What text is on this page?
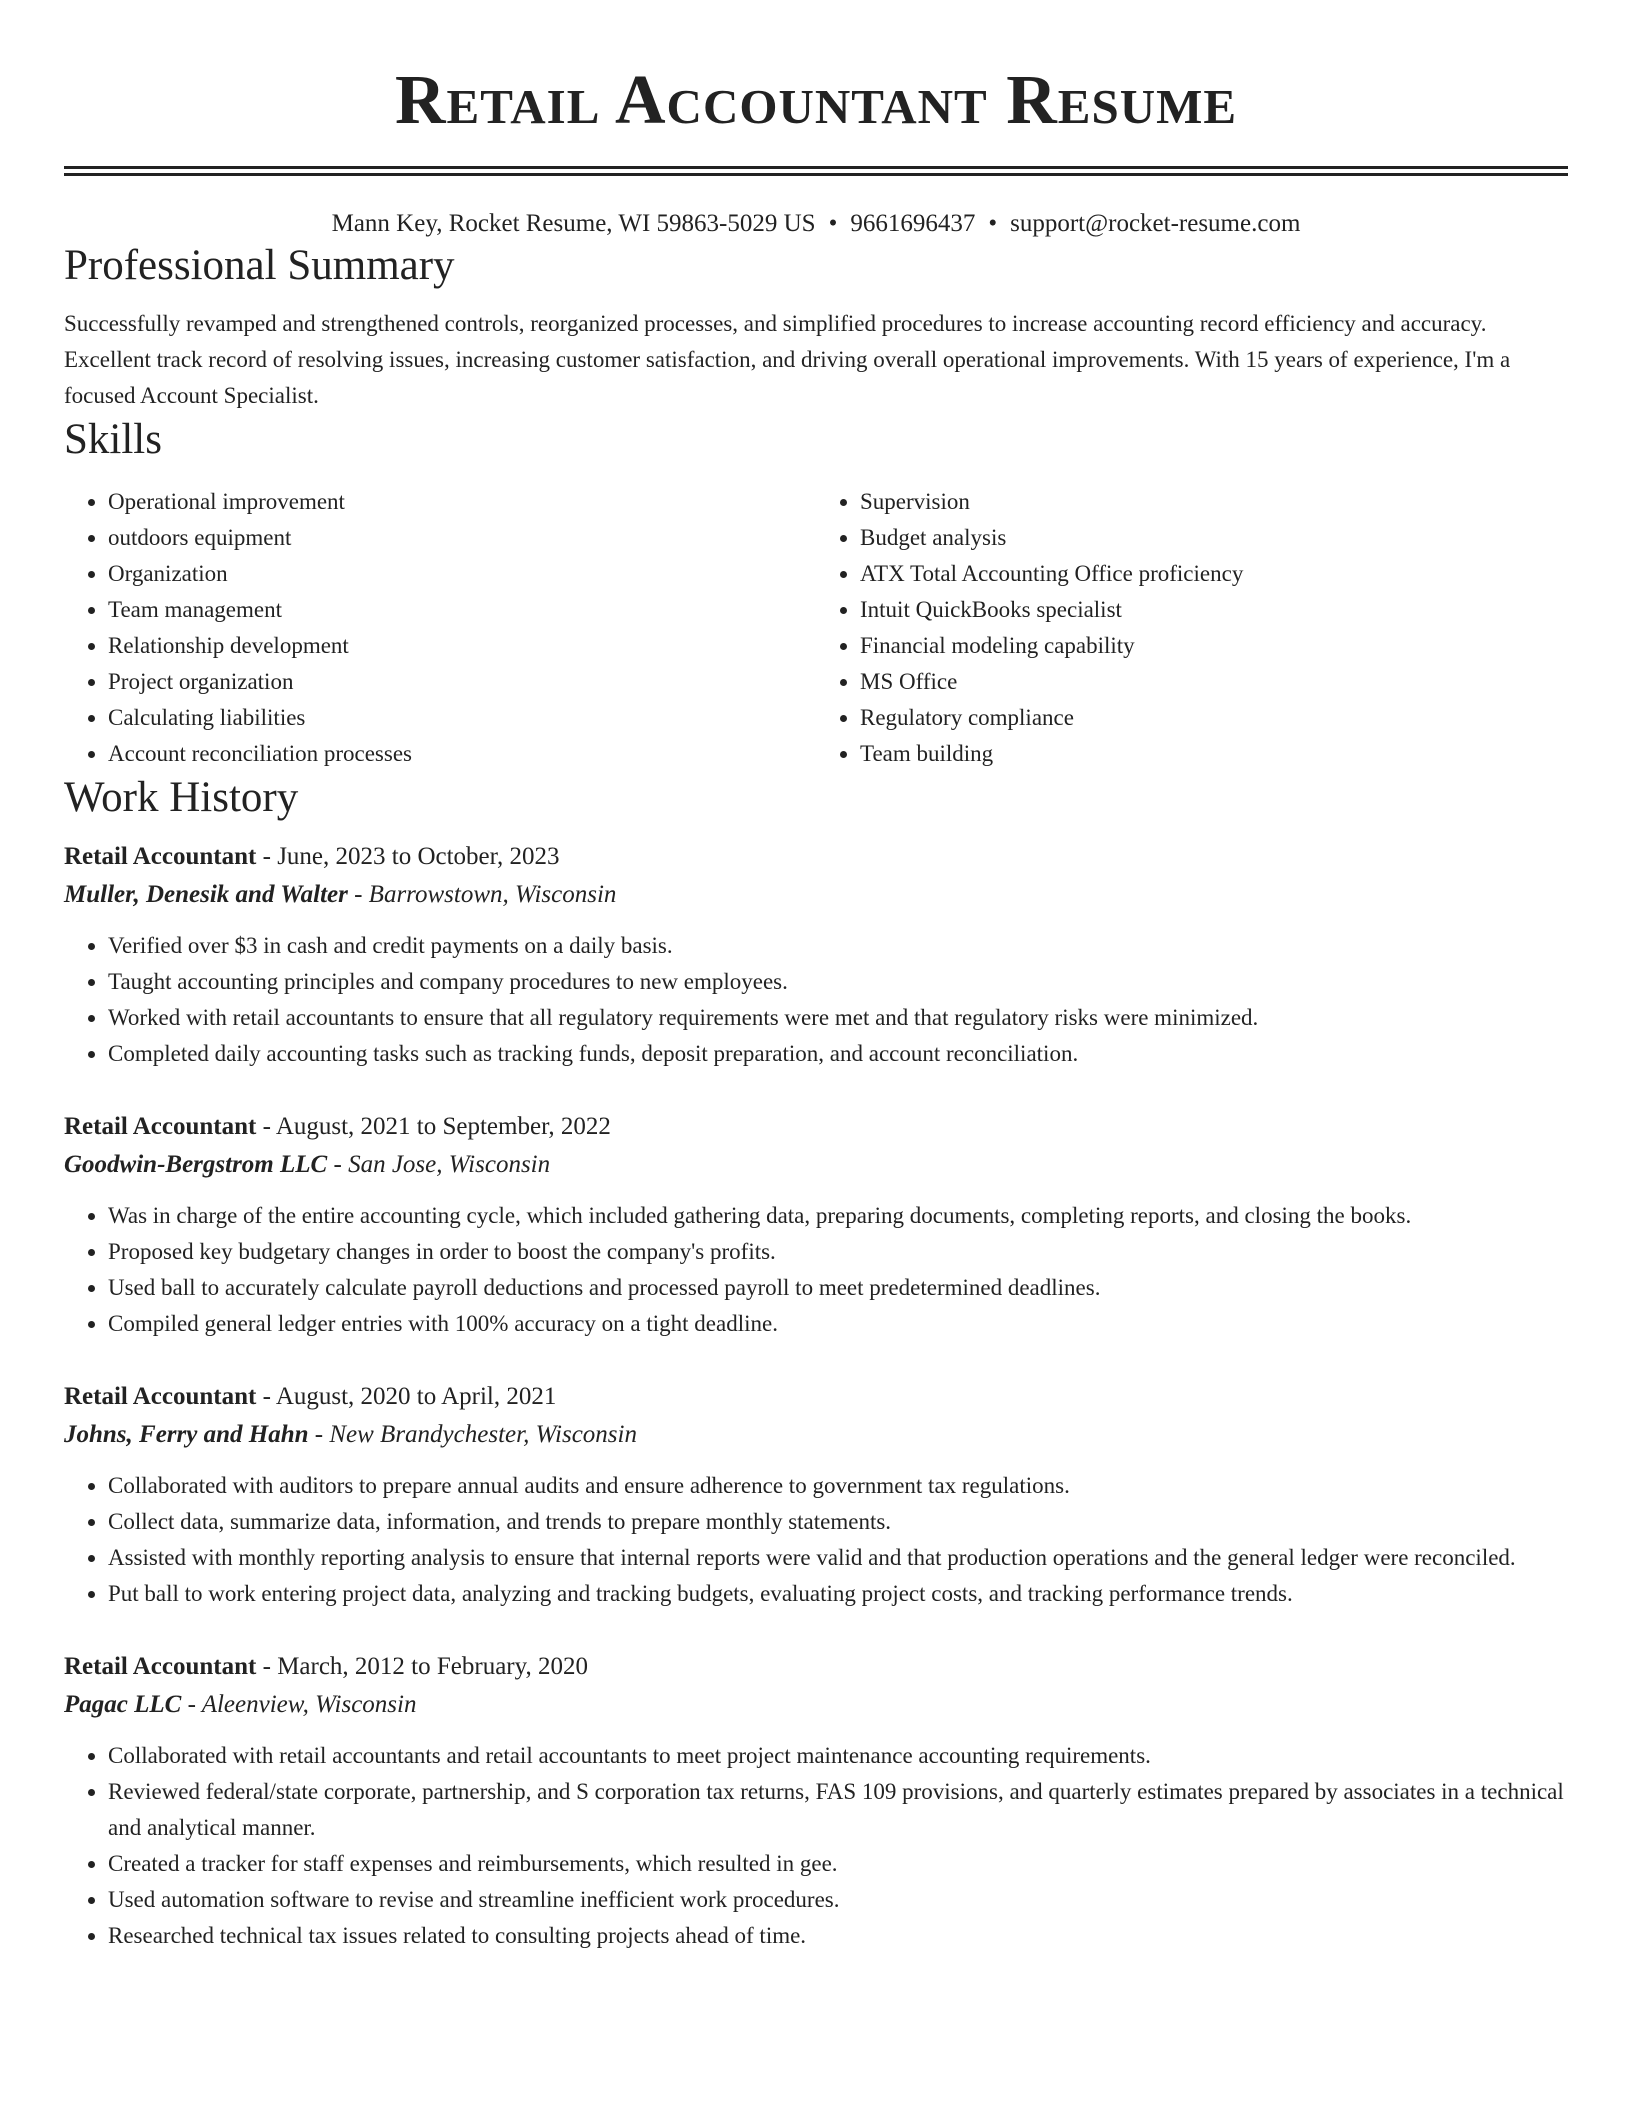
Retail Accountant Resume
Mann Key, Rocket Resume, WI 59863-5029 US • 9661696437 • support@rocket-resume.com
Professional Summary

Successfully revamped and strengthened controls, reorganized processes, and simplified procedures to increase accounting record efficiency and accuracy. Excellent track record of resolving issues, increasing customer satisfaction, and driving overall operational improvements. With 15 years of experience, I'm a focused Account Specialist.

Skills
• Operational improvement
• outdoors equipment
• Organization
• Team management
• Relationship development
• Project organization
• Calculating liabilities
• Account reconciliation processes
• Supervision
• Budget analysis
• ATX Total Accounting Office proficiency
• Intuit QuickBooks specialist
• Financial modeling capability
• MS Office
• Regulatory compliance
• Team building
Work History
Retail Accountant - June, 2023 to October, 2023
Muller, Denesik and Walter - Barrowstown, Wisconsin
• Verified over $3 in cash and credit payments on a daily basis.
• Taught accounting principles and company procedures to new employees.
• Worked with retail accountants to ensure that all regulatory requirements were met and that regulatory risks were minimized.
• Completed daily accounting tasks such as tracking funds, deposit preparation, and account reconciliation.
Retail Accountant - August, 2021 to September, 2022
Goodwin-Bergstrom LLC - San Jose, Wisconsin
• Was in charge of the entire accounting cycle, which included gathering data, preparing documents, completing reports, and closing the books.
• Proposed key budgetary changes in order to boost the company's profits.
• Used ball to accurately calculate payroll deductions and processed payroll to meet predetermined deadlines.
• Compiled general ledger entries with 100% accuracy on a tight deadline.
Retail Accountant - August, 2020 to April, 2021
Johns, Ferry and Hahn - New Brandychester, Wisconsin
• Collaborated with auditors to prepare annual audits and ensure adherence to government tax regulations.
• Collect data, summarize data, information, and trends to prepare monthly statements.
• Assisted with monthly reporting analysis to ensure that internal reports were valid and that production operations and the general ledger were reconciled.
• Put ball to work entering project data, analyzing and tracking budgets, evaluating project costs, and tracking performance trends.
Retail Accountant - March, 2012 to February, 2020
Pagac LLC - Aleenview, Wisconsin
• Collaborated with retail accountants and retail accountants to meet project maintenance accounting requirements.
• Reviewed federal/state corporate, partnership, and S corporation tax returns, FAS 109 provisions, and quarterly estimates prepared by associates in a technical and analytical manner.
• Created a tracker for staff expenses and reimbursements, which resulted in gee.
• Used automation software to revise and streamline inefficient work procedures.
• Researched technical tax issues related to consulting projects ahead of time.
